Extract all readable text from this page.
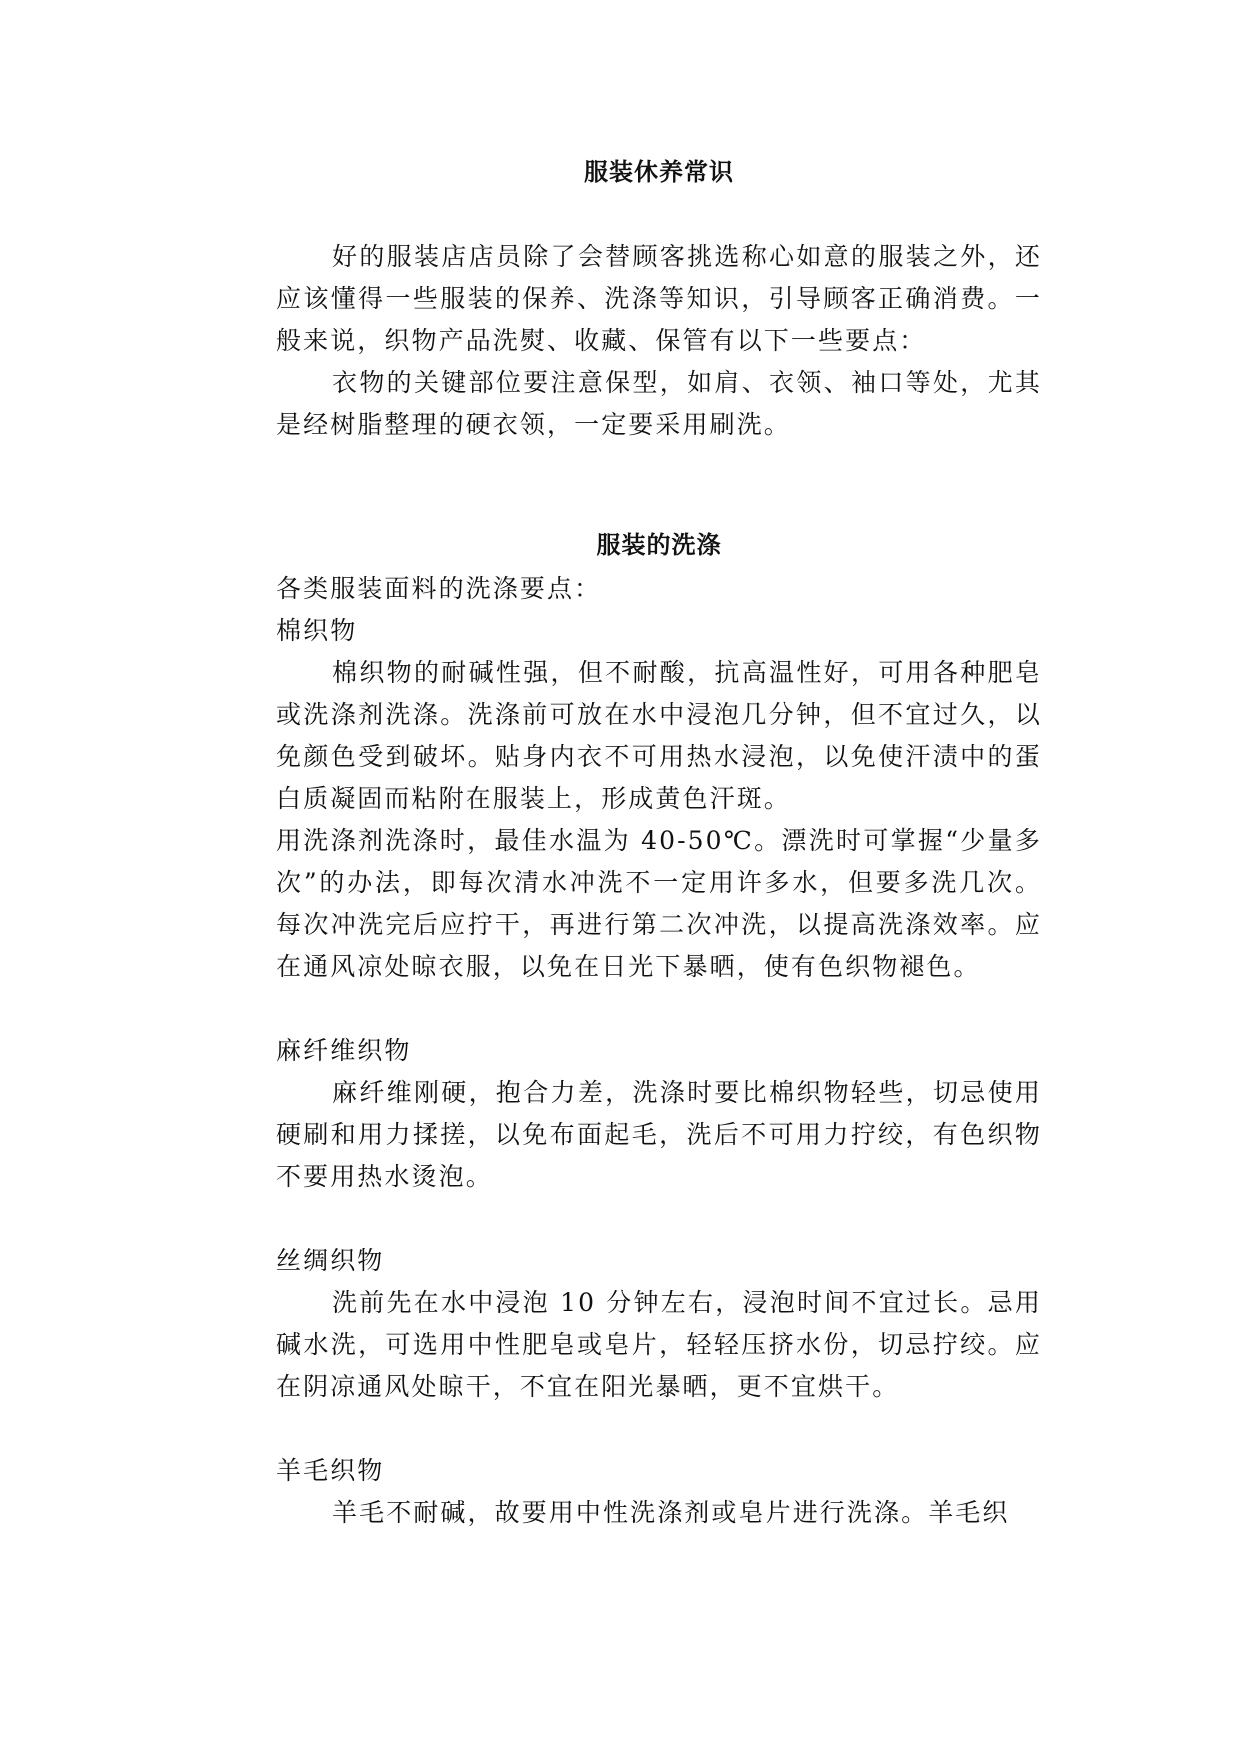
服装休养常识

好的服装店店员除了会替顾客挑选称心如意的服装之外，还应该懂得一些服装的保养、洗涤等知识，引导顾客正确消费。一般来说，织物产品洗熨、收藏、保管有以下一些要点：

衣物的关键部位要注意保型，如肩、衣领、袖口等处，尤其是经树脂整理的硬衣领，一定要采用刷洗。

服装的洗涤

各类服装面料的洗涤要点：

棉织物

棉织物的耐碱性强，但不耐酸，抗高温性好，可用各种肥皂或洗涤剂洗涤。洗涤前可放在水中浸泡几分钟，但不宜过久，以免颜色受到破坏。贴身内衣不可用热水浸泡，以免使汗渍中的蛋白质凝固而粘附在服装上，形成黄色汗斑。

用洗涤剂洗涤时，最佳水温为 40-50℃。漂洗时可掌握“少量多次”的办法，即每次清水冲洗不一定用许多水，但要多洗几次。每次冲洗完后应拧干，再进行第二次冲洗，以提高洗涤效率。应在通风凉处晾衣服，以免在日光下暴晒，使有色织物褪色。

麻纤维织物

麻纤维刚硬，抱合力差，洗涤时要比棉织物轻些，切忌使用硬刷和用力揉搓，以免布面起毛，洗后不可用力拧绞，有色织物不要用热水烫泡。

丝绸织物

洗前先在水中浸泡 10 分钟左右，浸泡时间不宜过长。忌用碱水洗，可选用中性肥皂或皂片，轻轻压挤水份，切忌拧绞。应在阴凉通风处晾干，不宜在阳光暴晒，更不宜烘干。

羊毛织物

羊毛不耐碱，故要用中性洗涤剂或皂片进行洗涤。羊毛织
